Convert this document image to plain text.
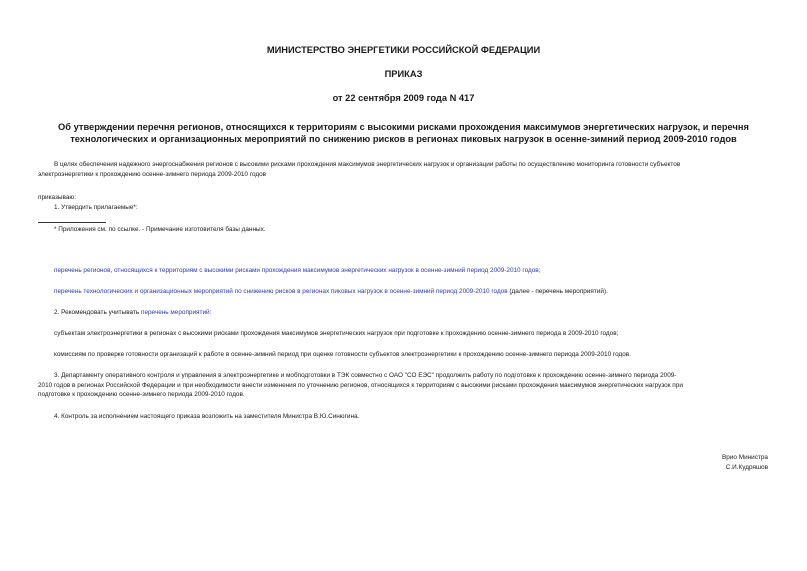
МИНИСТЕРСТВО ЭНЕРГЕТИКИ РОССИЙСКОЙ ФЕДЕРАЦИИ
ПРИКАЗ
от 22 сентября 2009 года N 417
Об утверждении перечня регионов, относящихся к территориям с высокими рисками прохождения максимумов энергетических нагрузок, и перечня
технологических и организационных мероприятий по снижению рисков в регионах пиковых нагрузок в осенне-зимний период 2009-2010 годов
В целях обеспечения надежного энергоснабжения регионов с высокими рисками прохождения максимумов энергетических нагрузок и организации работы по осуществлению мониторинга готовности субъектов
электроэнергетики к прохождению осенне-зимнего периода 2009-2010 годов
приказываю:
1. Утвердить прилагаемые*:
* Приложения см. по ссылке. - Примечание изготовителя базы данных.
перечень регионов, относящихся к территориям с высокими рисками прохождения максимумов энергетических нагрузок в осенне-зимний период 2009-2010 годов;
перечень технологических и организационных мероприятий по снижению рисков в регионах пиковых нагрузок в осенне-зимний период 2009-2010 годов (далее - перечень мероприятий).
2. Рекомендовать учитывать перечень мероприятий:
субъектам электроэнергетики в регионах с высокими рисками прохождения максимумов энергетических нагрузок при подготовке к прохождению осенне-зимнего периода в 2009-2010 годов;
комиссиям по проверке готовности организаций к работе в осенне-зимний период при оценке готовности субъектов электроэнергетики к прохождению осенне-зимнего периода 2009-2010 годов.
3. Департаменту оперативного контроля и управления в электроэнергетике и мобподготовки в ТЭК совместно с ОАО "СО ЕЭС" продолжить работу по подготовке к прохождению осенне-зимнего периода 2009-
2010 годов в регионах Российской Федерации и при необходимости внести изменения по уточнению регионов, относящихся к территориям с высокими рисками прохождения максимумов энергетических нагрузок при
подготовке к прохождению осенне-зимнего периода 2009-2010 годов.
4. Контроль за исполнением настоящего приказа возложить на заместителя Министра В.Ю.Синюгина.
Врио Министра
С.И.Кудряшов
